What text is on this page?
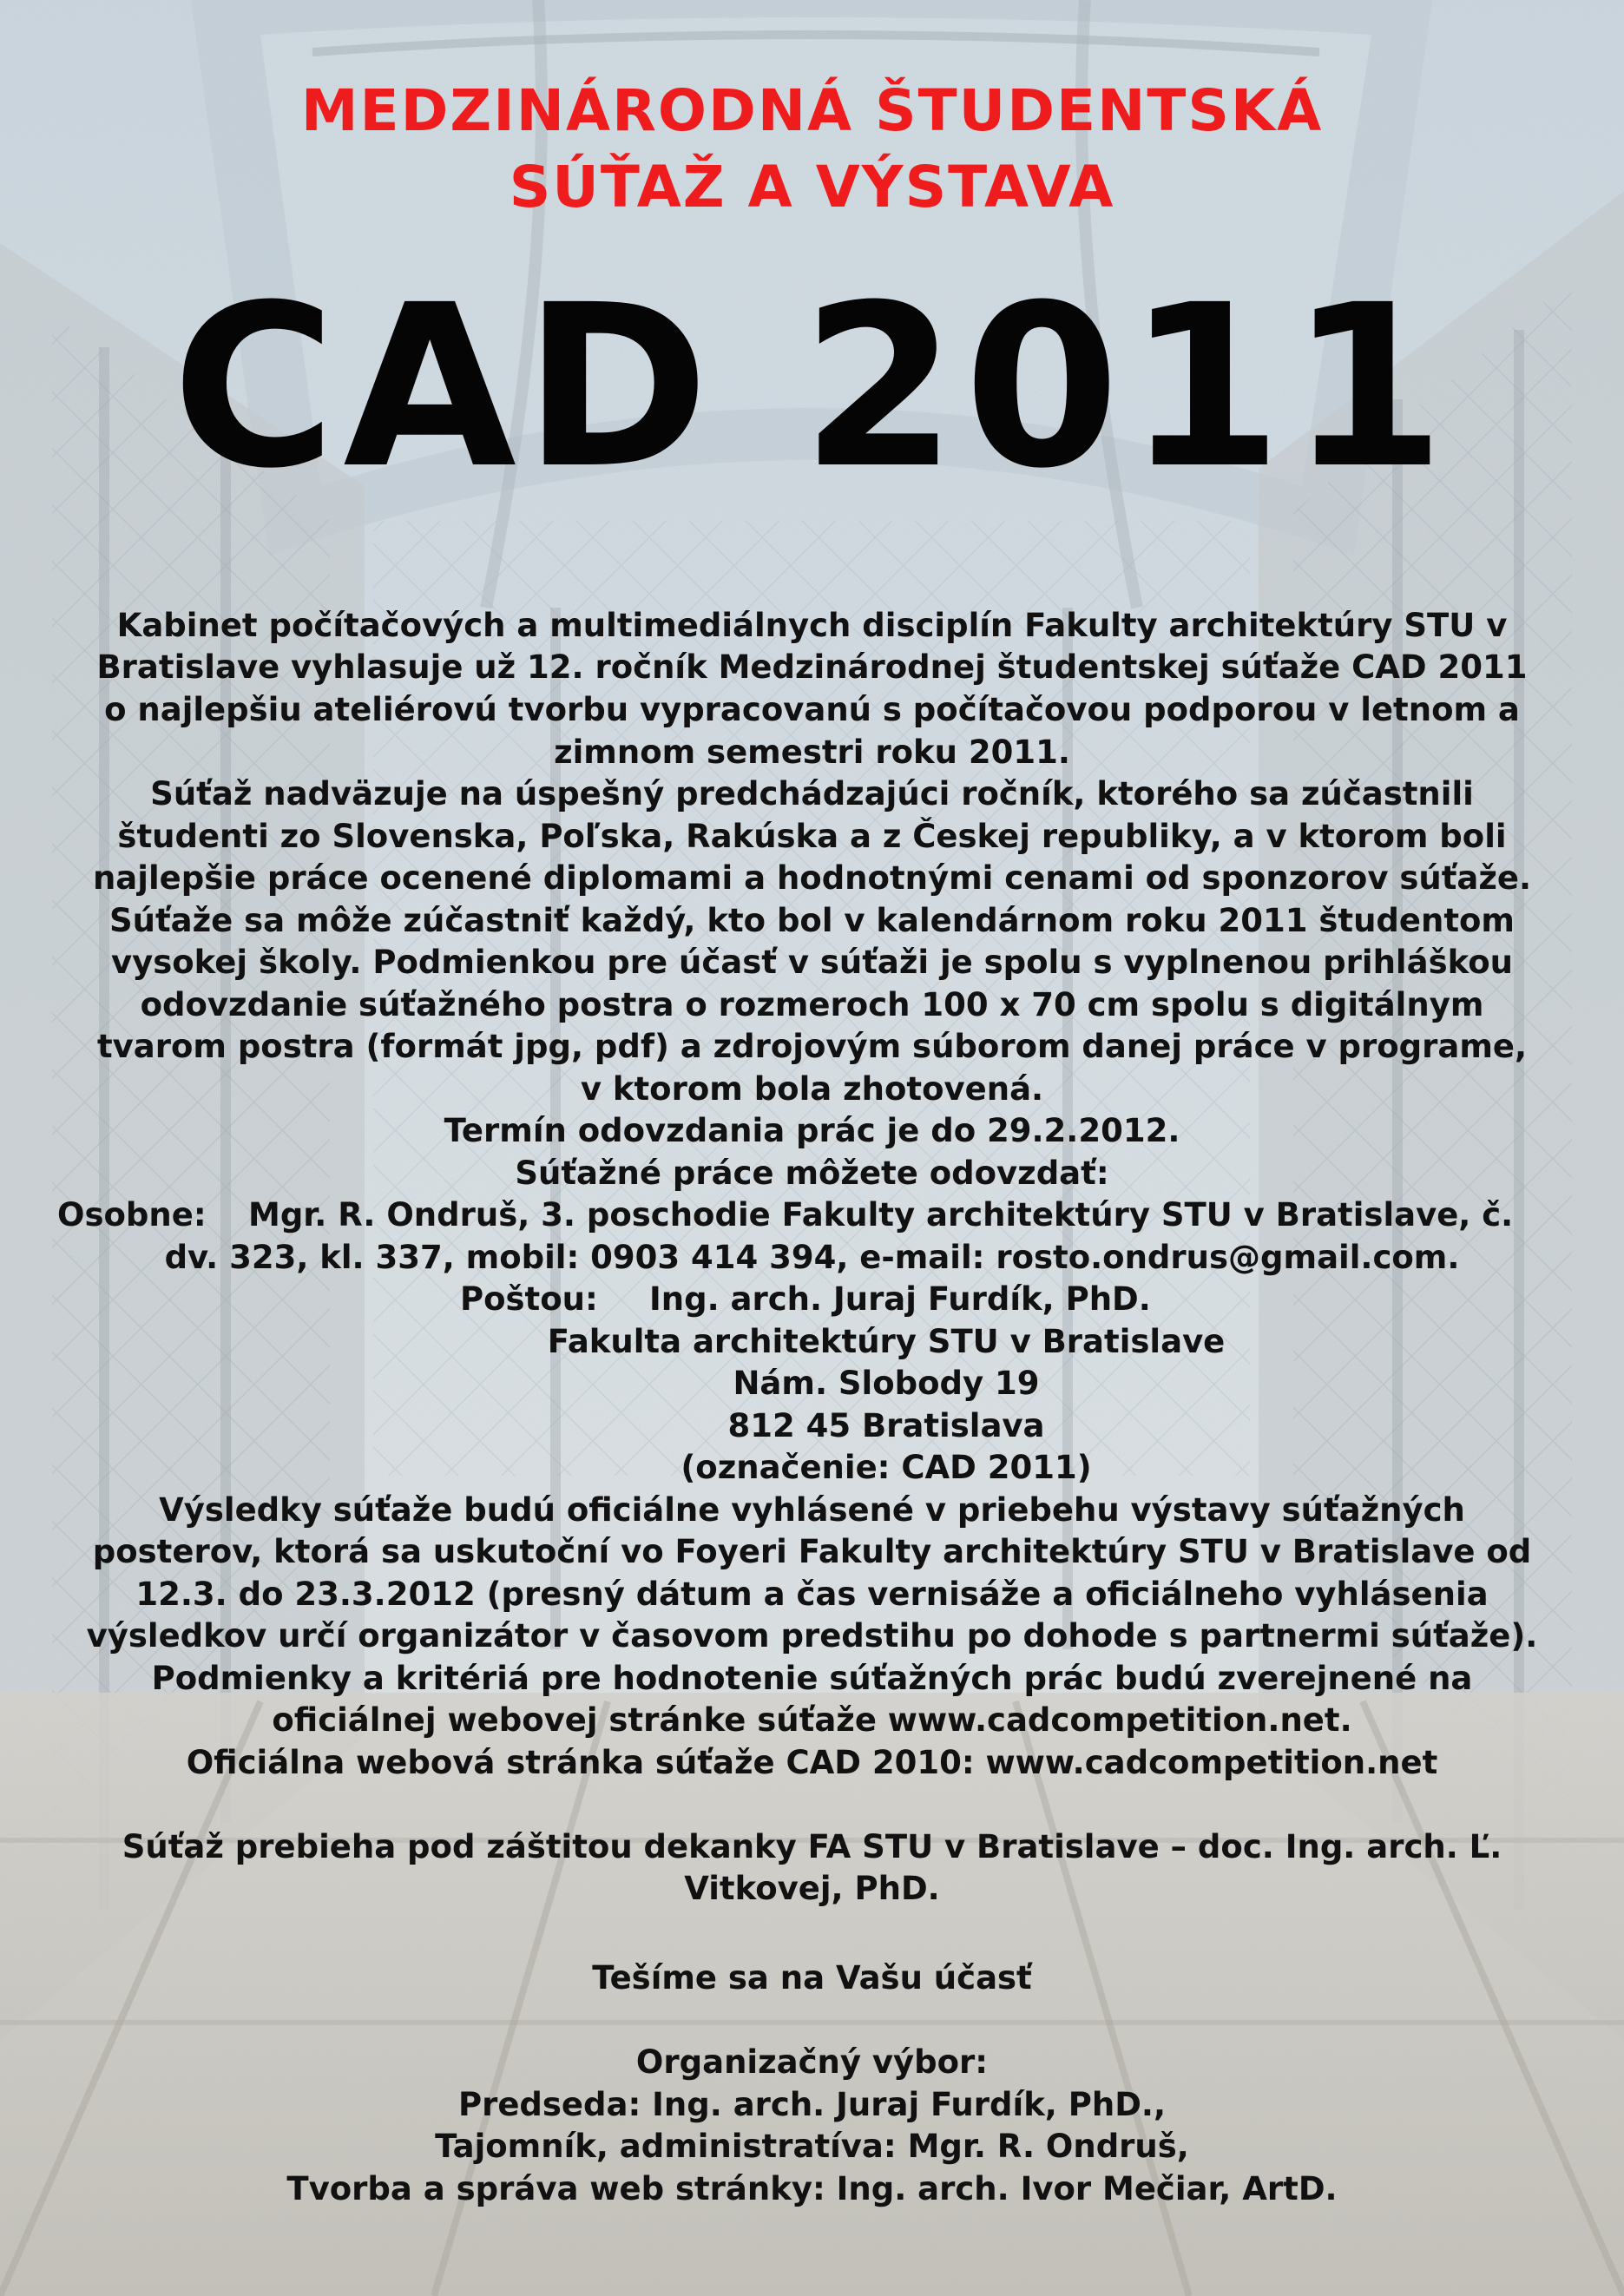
MEDZINÁRODNÁ ŠTUDENTSKÁ
SÚŤAŽ A VÝSTAVA
CAD 2011
Kabinet počítačových a multimediálnych disciplín Fakulty architektúry STU v
Bratislave vyhlasuje už 12. ročník Medzinárodnej študentskej súťaže CAD 2011
o najlepšiu ateliérovú tvorbu vypracovanú s počítačovou podporou v letnom a
zimnom semestri roku 2011.
Súťaž nadväzuje na úspešný predchádzajúci ročník, ktorého sa zúčastnili
študenti zo Slovenska, Poľska, Rakúska a z Českej republiky, a v ktorom boli
najlepšie práce ocenené diplomami a hodnotnými cenami od sponzorov súťaže.
Súťaže sa môže zúčastniť každý, kto bol v kalendárnom roku 2011 študentom
vysokej školy. Podmienkou pre účasť v súťaži je spolu s vyplnenou prihláškou
odovzdanie súťažného postra o rozmeroch 100 x 70 cm spolu s digitálnym
tvarom postra (formát jpg, pdf) a zdrojovým súborom danej práce v programe,
v ktorom bola zhotovená.
Termín odovzdania prác je do 29.2.2012.
Súťažné práce môžete odovzdať:
Osobne:	Mgr. R. Ondruš, 3. poschodie Fakulty architektúry STU v Bratislave, č.
dv. 323, kl. 337, mobil: 0903 414 394, e-mail: rosto.ondrus@gmail.com.
Poštou:	Ing. arch. Juraj Furdík, PhD.
Fakulta architektúry STU v Bratislave
Nám. Slobody 19
812 45 Bratislava
(označenie: CAD 2011)
Výsledky súťaže budú oficiálne vyhlásené v priebehu výstavy súťažných
posterov, ktorá sa uskutoční vo Foyeri Fakulty architektúry STU v Bratislave od
12.3. do 23.3.2012 (presný dátum a čas vernisáže a oficiálneho vyhlásenia
výsledkov určí organizátor v časovom predstihu po dohode s partnermi súťaže).
Podmienky a kritériá pre hodnotenie súťažných prác budú zverejnené na
oficiálnej webovej stránke súťaže www.cadcompetition.net.
Oficiálna webová stránka súťaže CAD 2010: www.cadcompetition.net
Súťaž prebieha pod záštitou dekanky FA STU v Bratislave – doc. Ing. arch. Ľ.
Vitkovej, PhD.
Tešíme sa na Vašu účasť
Organizačný výbor:
Predseda: Ing. arch. Juraj Furdík, PhD.,
Tajomník, administratíva: Mgr. R. Ondruš,
Tvorba a správa web stránky: Ing. arch. Ivor Mečiar, ArtD.
